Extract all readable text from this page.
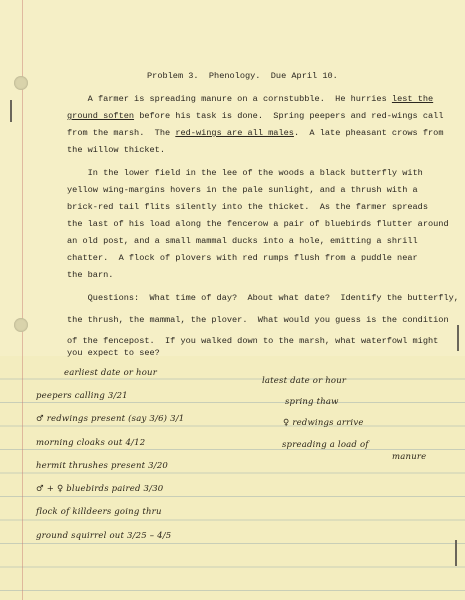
Problem 3.  Phenology.  Due April 10.
A farmer is spreading manure on a cornstubble.  He hurries lest the
ground soften before his task is done.  Spring peepers and red-wings call
from the marsh.  The red-wings are all males.  A late pheasant crows from
the willow thicket.
In the lower field in the lee of the woods a black butterfly with
yellow wing-margins hovers in the pale sunlight, and a thrush with a
brick-red tail flits silently into the thicket.  As the farmer spreads
the last of his load along the fencerow a pair of bluebirds flutter around
an old post, and a small mammal ducks into a hole, emitting a shrill
chatter.  A flock of plovers with red rumps flush from a puddle near
the barn.
Questions:  What time of day?  About what date?  Identify the butterfly,
the thrush, the mammal, the plover.  What would you guess is the condition
of the fencepost.  If you walked down to the marsh, what waterfowl might
you expect to see?
earliest date or hour
peepers calling 3/21
♂ redwings present (say 3/6) 3/1
morning cloaks out 4/12
hermit thrushes present 3/20
♂ + ♀ bluebirds paired 3/30
flock of killdeers going thru
ground squirrel out 3/25 – 4/5
latest date or hour
spring thaw
♀ redwings arrive
spreading a load of
manure
